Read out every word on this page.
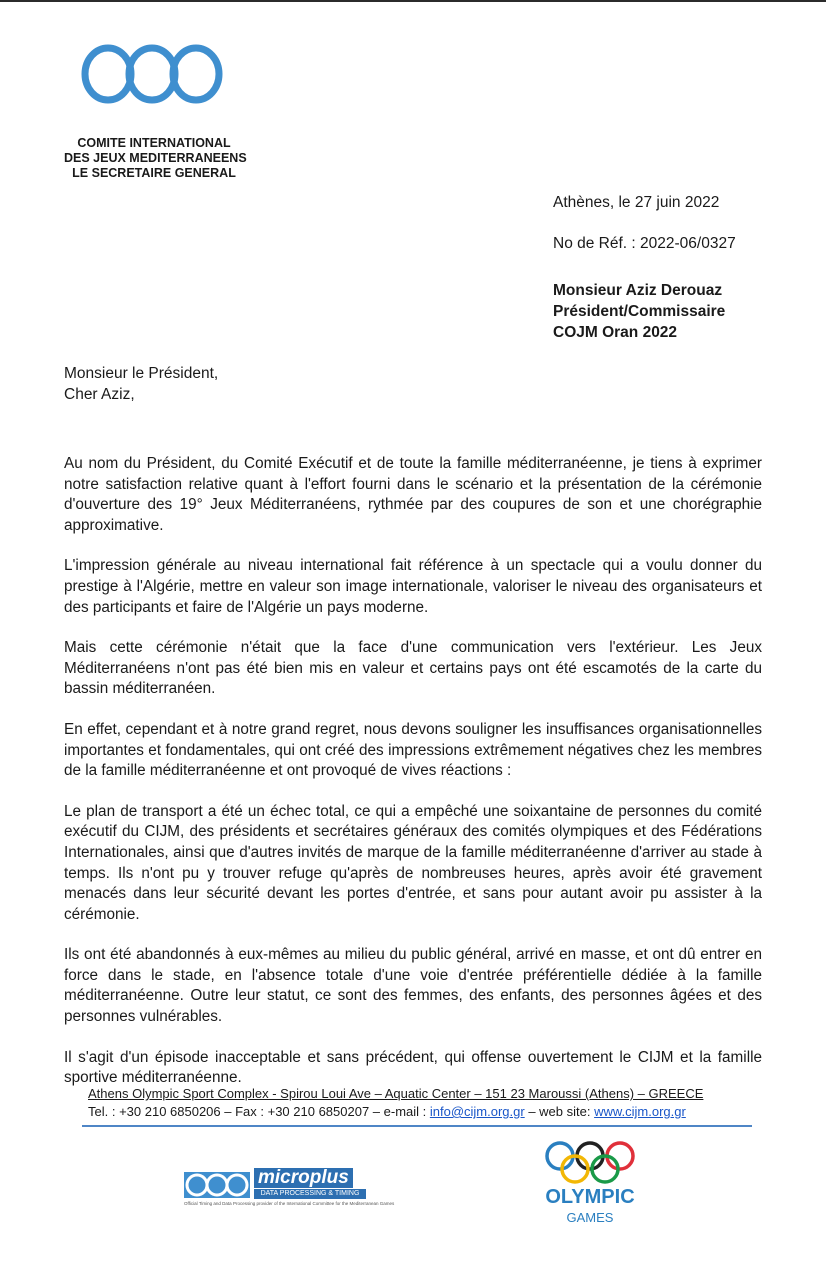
COMITE INTERNATIONAL
DES JEUX MEDITERRANEENS
LE SECRETAIRE GENERAL
Athènes, le 27 juin 2022
No de Réf. : 2022-06/0327
Monsieur Aziz Derouaz
Président/Commissaire
COJM Oran 2022
Monsieur le Président,
Cher Aziz,

Au nom du Président, du Comité Exécutif et de toute la famille méditerranéenne, je tiens à exprimer notre satisfaction relative quant à l'effort fourni dans le scénario et la présentation de la cérémonie d'ouverture des 19° Jeux Méditerranéens, rythmée par des coupures de son et une chorégraphie approximative.

L'impression générale au niveau international fait référence à un spectacle qui a voulu donner du prestige à l'Algérie, mettre en valeur son image internationale, valoriser le niveau des organisateurs et des participants et faire de l'Algérie un pays moderne.

Mais cette cérémonie n'était que la face d'une communication vers l'extérieur. Les Jeux Méditerranéens n'ont pas été bien mis en valeur et certains pays ont été escamotés de la carte du bassin méditerranéen.

En effet, cependant et à notre grand regret, nous devons souligner les insuffisances organisationnelles importantes et fondamentales, qui ont créé des impressions extrêmement négatives chez les membres de la famille méditerranéenne et ont provoqué de vives réactions :

Le plan de transport a été un échec total, ce qui a empêché une soixantaine de personnes du comité exécutif du CIJM, des présidents et secrétaires généraux des comités olympiques et des Fédérations Internationales, ainsi que d'autres invités de marque de la famille méditerranéenne d'arriver au stade à temps. Ils n'ont pu y trouver refuge qu'après de nombreuses heures, après avoir été gravement menacés dans leur sécurité devant les portes d'entrée, et sans pour autant avoir pu assister à la cérémonie.

Ils ont été abandonnés à eux-mêmes au milieu du public général, arrivé en masse, et ont dû entrer en force dans le stade, en l'absence totale d'une voie d'entrée préférentielle dédiée à la famille méditerranéenne. Outre leur statut, ce sont des femmes, des enfants, des personnes âgées et des personnes vulnérables.

Il s'agit d'un épisode inacceptable et sans précédent, qui offense ouvertement le CIJM et la famille sportive méditerranéenne.

Athens Olympic Sport Complex - Spirou Loui Ave – Aquatic Center – 151 23 Maroussi (Athens) – GREECE
Tel. : +30 210 6850206 – Fax : +30 210 6850207 – e-mail : info@cijm.org.gr – web site: www.cijm.org.gr
microplus
DATA PROCESSING & TIMING
Official Timing and Data Processing provider of the International Committee for the Mediterranean Games	OLYMPIC
GAMES
